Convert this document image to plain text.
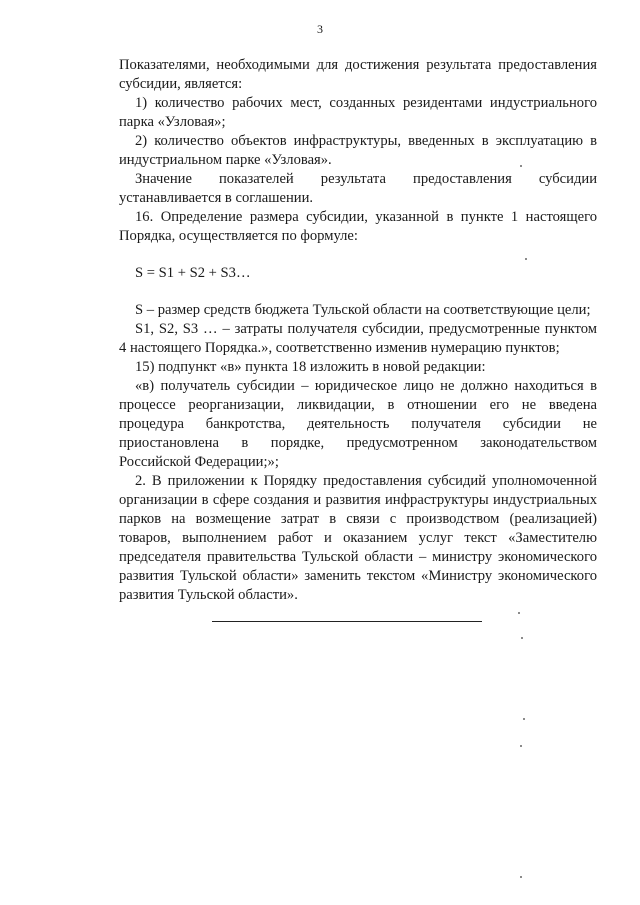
3

Показателями, необходимыми для достижения результата предоставления субсидии, является:

1) количество рабочих мест, созданных резидентами индустриального парка «Узловая»;

2) количество объектов инфраструктуры, введенных в эксплуатацию в индустриальном парке «Узловая».

Значение показателей результата предоставления субсидии устанавливается в соглашении.

16. Определение размера субсидии, указанной в пункте 1 настоящего Порядка, осуществляется по формуле:

S = S1 + S2 + S3…

S – размер средств бюджета Тульской области на соответствующие цели;

S1, S2, S3 … – затраты получателя субсидии, предусмотренные пунктом 4 настоящего Порядка.», соответственно изменив нумерацию пунктов;

15) подпункт «в» пункта 18 изложить в новой редакции:

«в) получатель субсидии – юридическое лицо не должно находиться в процессе реорганизации, ликвидации, в отношении его не введена процедура банкротства, деятельность получателя субсидии не приостановлена в порядке, предусмотренном законодательством Российской Федерации;»;

2. В приложении к Порядку предоставления субсидий уполномоченной организации в сфере создания и развития инфраструктуры индустриальных парков на возмещение затрат в связи с производством (реализацией) товаров, выполнением работ и оказанием услуг текст «Заместителю председателя правительства Тульской области – министру экономического развития Тульской области» заменить текстом «Министру экономического развития Тульской области».
